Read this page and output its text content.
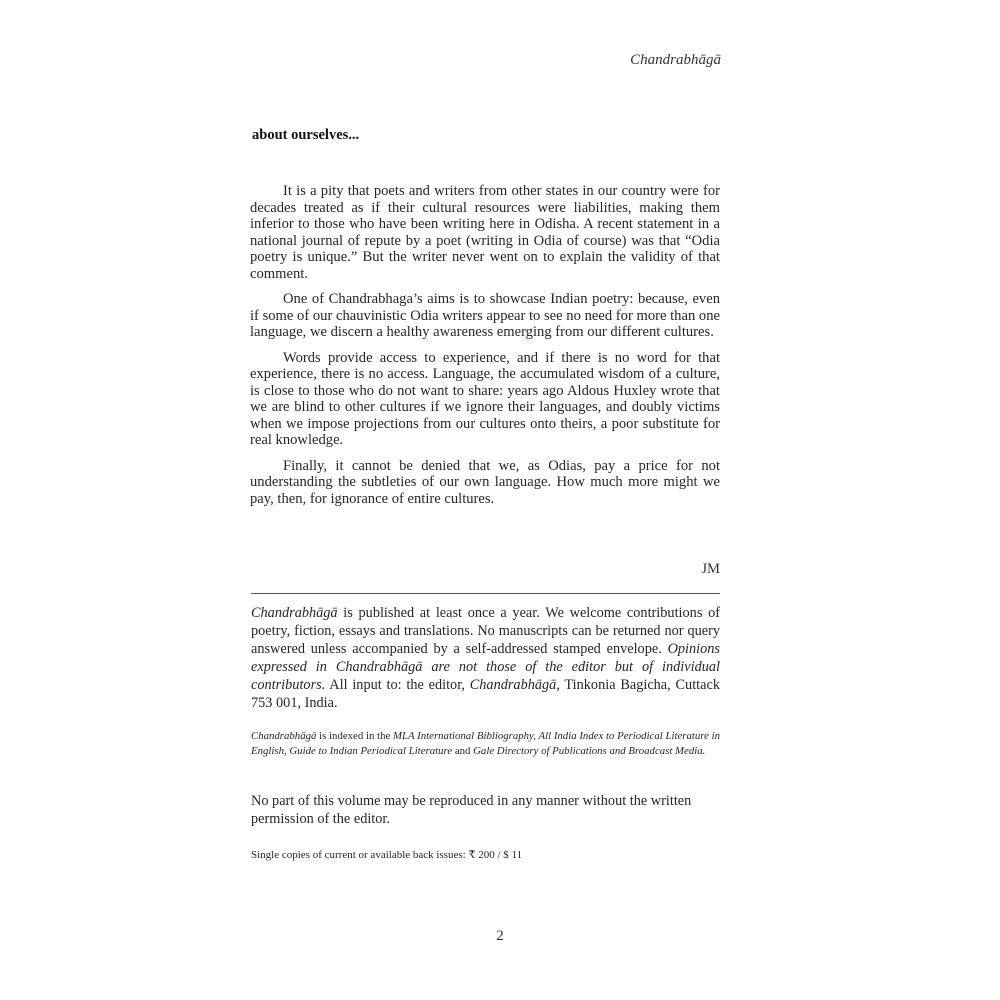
Chandrabhāgā
about ourselves...

It is a pity that poets and writers from other states in our country were for decades treated as if their cultural resources were liabilities, making them inferior to those who have been writing here in Odisha. A recent statement in a national journal of repute by a poet (writing in Odia of course) was that “Odia poetry is unique.” But the writer never went on to explain the validity of that comment.

One of Chandrabhaga’s aims is to showcase Indian poetry: because, even if some of our chauvinistic Odia writers appear to see no need for more than one language, we discern a healthy awareness emerging from our different cultures.

Words provide access to experience, and if there is no word for that experience, there is no access. Language, the accumulated wisdom of a culture, is close to those who do not want to share: years ago Aldous Huxley wrote that we are blind to other cultures if we ignore their languages, and doubly victims when we impose projections from our cultures onto theirs, a poor substitute for real knowledge.

Finally, it cannot be denied that we, as Odias, pay a price for not understanding the subtleties of our own language. How much more might we pay, then, for ignorance of entire cultures.

JM

Chandrabhāgā is published at least once a year. We welcome contributions of poetry, fiction, essays and translations. No manuscripts can be returned nor query answered unless accompanied by a self-addressed stamped envelope. Opinions expressed in Chandrabhāgā are not those of the editor but of individual contributors. All input to: the editor, Chandrabhāgā, Tinkonia Bagicha, Cuttack 753 001, India.

Chandrabhāgā is indexed in the MLA International Bibliography, All India Index to Periodical Literature in English, Guide to Indian Periodical Literature and Gale Directory of Publications and Broadcast Media.

No part of this volume may be reproduced in any manner without the written permission of the editor.

Single copies of current or available back issues: ₹ 200 / $ 11

2
